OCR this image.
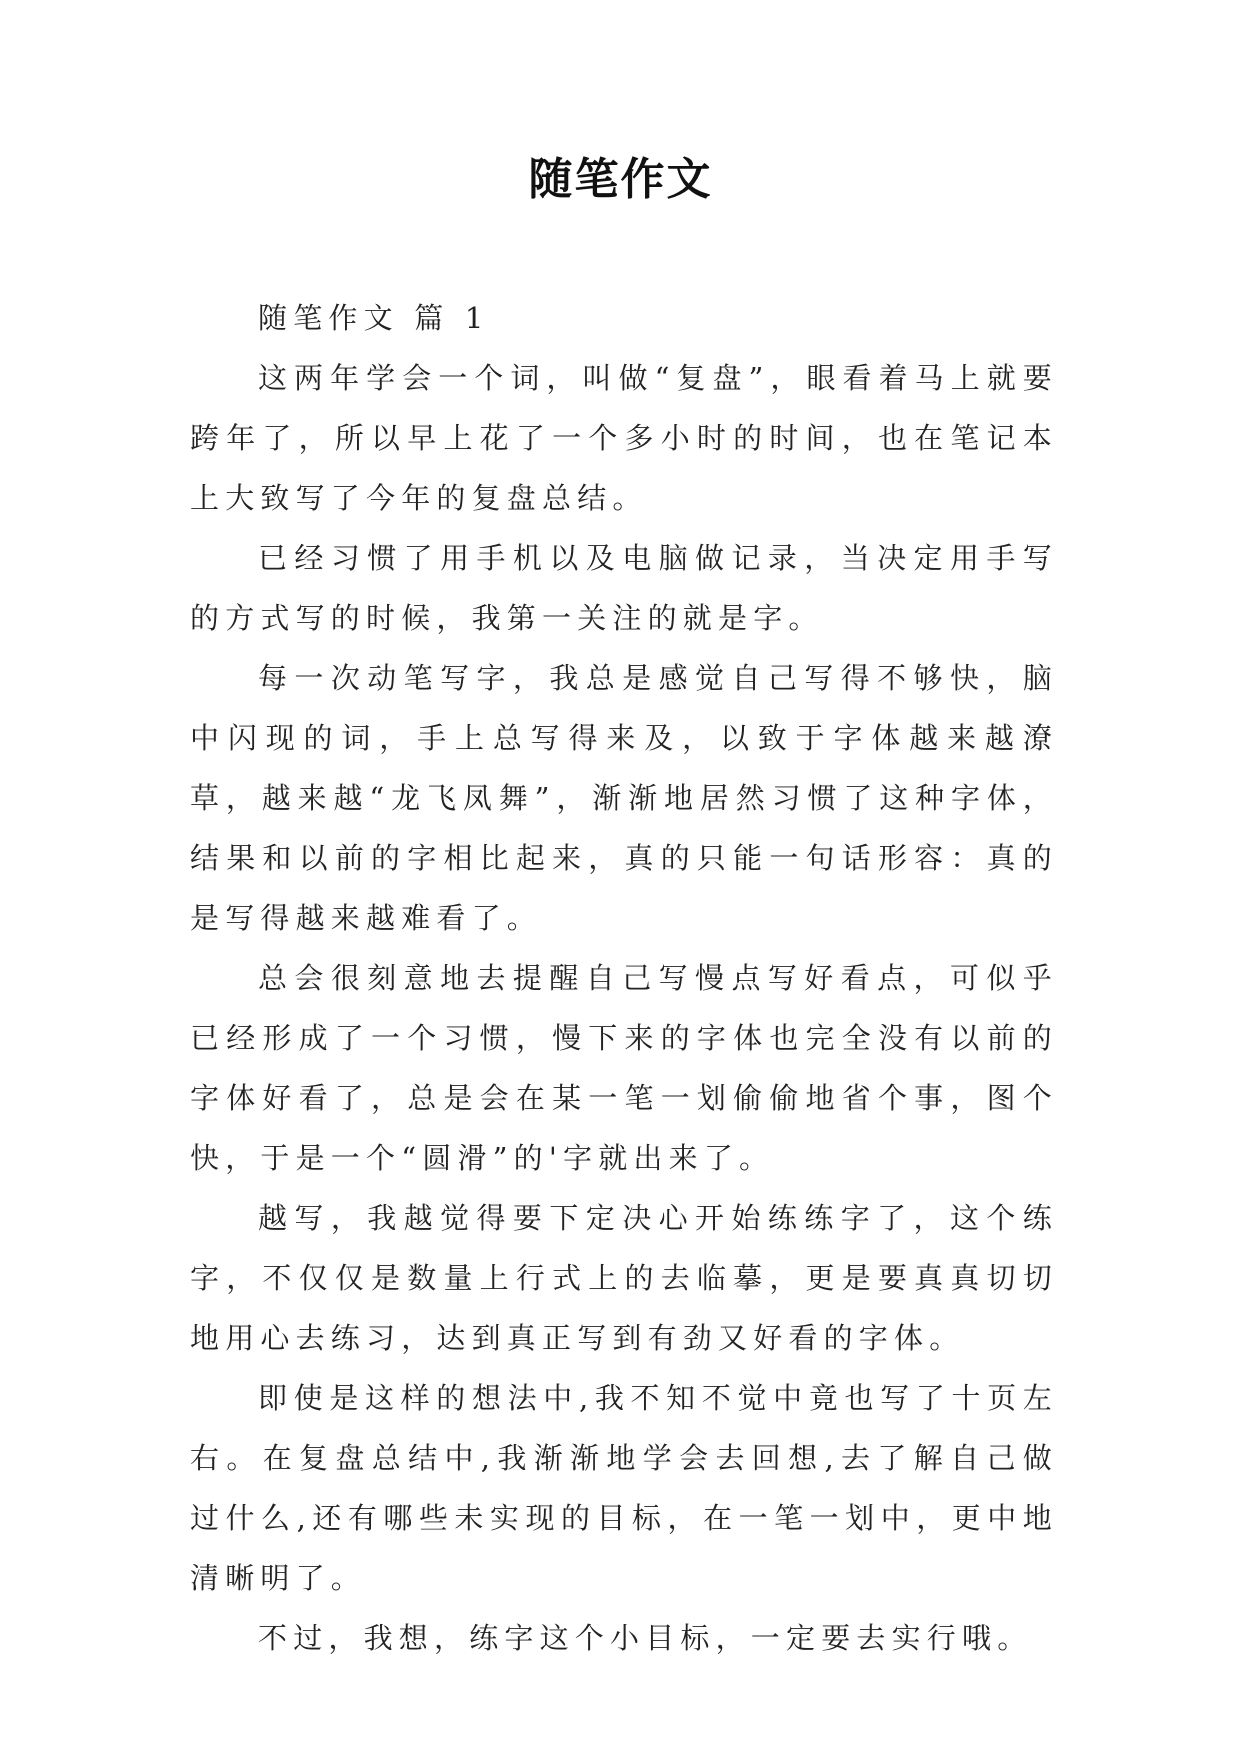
随笔作文

随笔作文 篇 1

这两年学会一个词，叫做“复盘”，眼看着马上就要跨年了，所以早上花了一个多小时的时间，也在笔记本上大致写了今年的复盘总结。

已经习惯了用手机以及电脑做记录，当决定用手写的方式写的时候，我第一关注的就是字。

每一次动笔写字，我总是感觉自己写得不够快，脑中闪现的词，手上总写得来及，以致于字体越来越潦草，越来越“龙飞凤舞”，渐渐地居然习惯了这种字体，结果和以前的字相比起来，真的只能一句话形容：真的是写得越来越难看了。

总会很刻意地去提醒自己写慢点写好看点，可似乎已经形成了一个习惯，慢下来的字体也完全没有以前的字体好看了，总是会在某一笔一划偷偷地省个事，图个快，于是一个“圆滑”的'字就出来了。

越写，我越觉得要下定决心开始练练字了，这个练字，不仅仅是数量上行式上的去临摹，更是要真真切切地用心去练习，达到真正写到有劲又好看的字体。

即使是这样的想法中,我不知不觉中竟也写了十页左右。在复盘总结中,我渐渐地学会去回想,去了解自己做过什么,还有哪些未实现的目标，在一笔一划中，更中地清晰明了。

不过，我想，练字这个小目标，一定要去实行哦。
